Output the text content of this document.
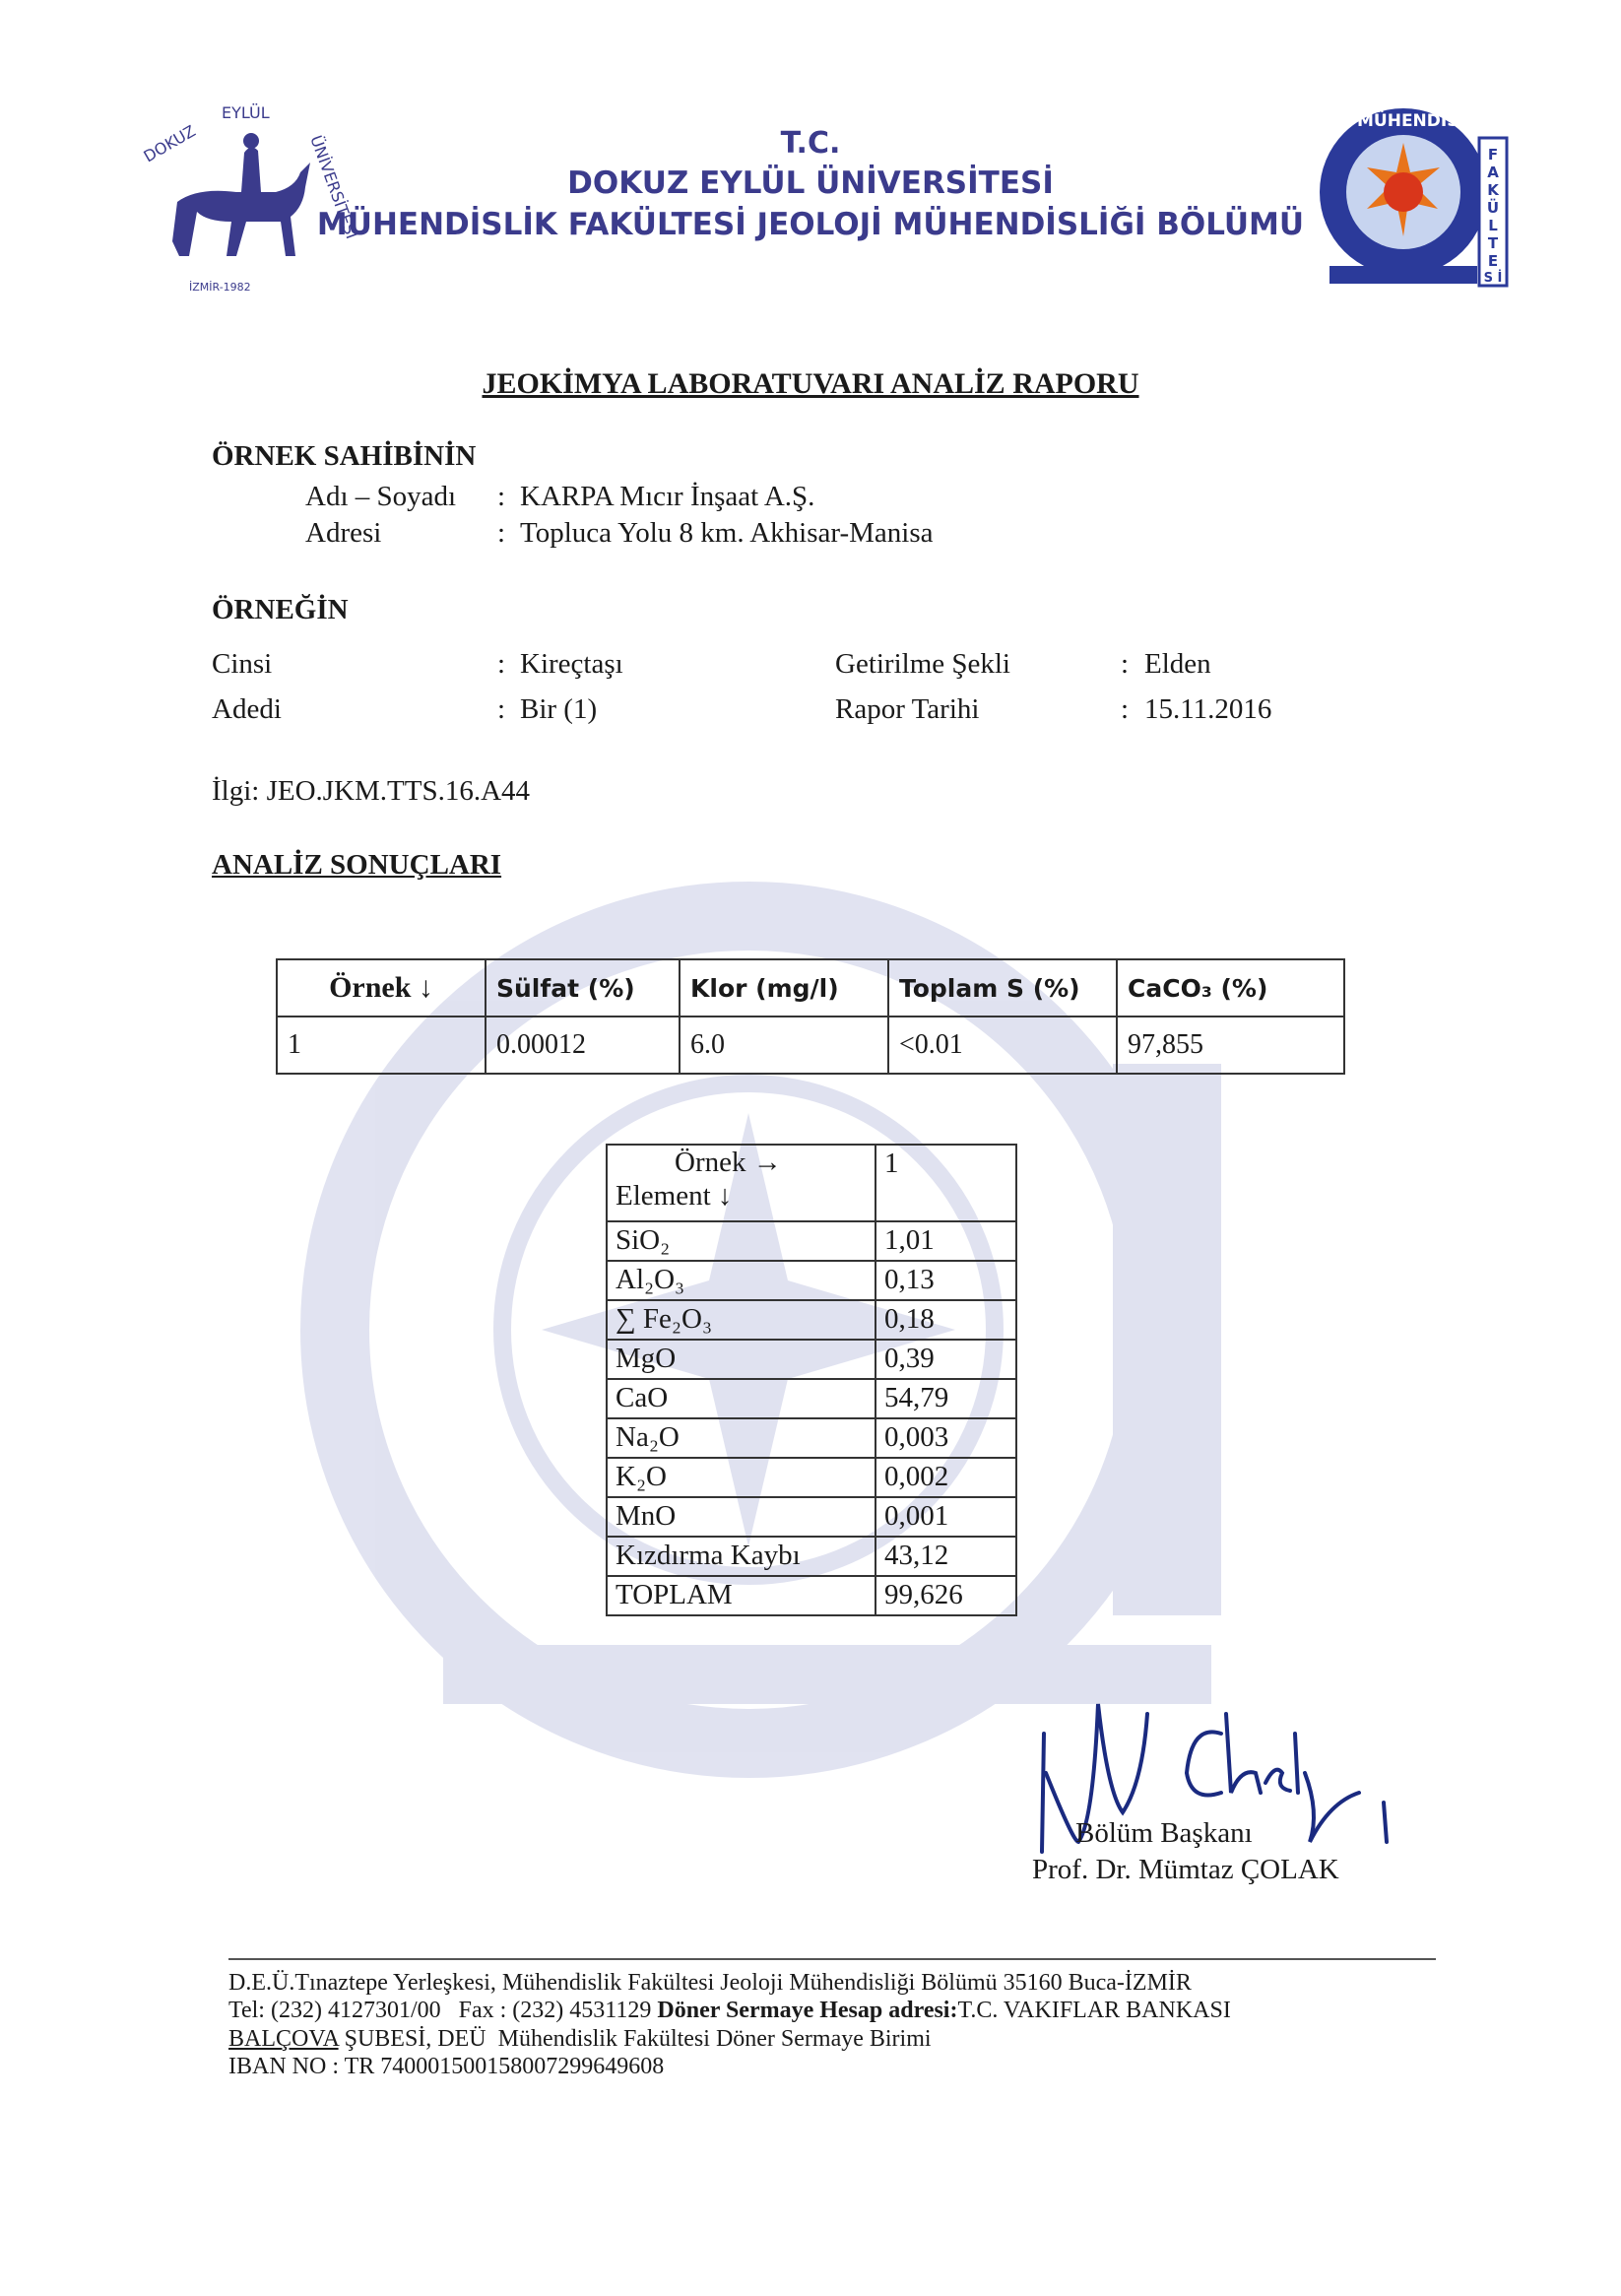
DOKUZ
EYLÜL
ÜNİVERSİTESİ
İZMİR-1982
MÜHENDİSLİK
F
A
K
Ü
L
T
E
S İ
T.C.
DOKUZ EYLÜL ÜNİVERSİTESİ
MÜHENDİSLİK FAKÜLTESİ JEOLOJİ MÜHENDİSLİĞİ BÖLÜMÜ
JEOKİMYA LABORATUVARI ANALİZ RAPORU
ÖRNEK SAHİBİNİN
Adı – Soyadı : KARPA Mıcır İnşaat A.Ş.
Adresi	: Topluca Yolu 8 km. Akhisar-Manisa
ÖRNEĞİN
Cinsi	: Kireçtaşı
Adedi	: Bir (1)
Getirilme Şekli	: Elden
Rapor Tarihi	: 15.11.2016
İlgi: JEO.JKM.TTS.16.A44
ANALİZ SONUÇLARI
Örnek ↓	Sülfat (%)	Klor (mg/l)	Toplam S (%)	CaCO₃ (%)
1	0.00012	6.0	<0.01	97,855
Örnek →
Element ↓	1
SiO₂	1,01
Al₂O₃	0,13
∑ Fe₂O₃	0,18
MgO	0,39
CaO	54,79
Na₂O	0,003
K₂O	0,002
MnO	0,001
Kızdırma Kaybı	43,12
TOPLAM	99,626
Bölüm Başkanı
Prof. Dr. Mümtaz ÇOLAK
D.E.Ü.Tınaztepe Yerleşkesi, Mühendislik Fakültesi Jeoloji Mühendisliği Bölümü 35160 Buca-İZMİR
Tel: (232) 4127301/00   Fax : (232) 4531129 Döner Sermaye Hesap adresi:T.C. VAKIFLAR BANKASI
BALÇOVA ŞUBESİ, DEÜ  Mühendislik Fakültesi Döner Sermaye Birimi
IBAN NO : TR 740001500158007299649608
